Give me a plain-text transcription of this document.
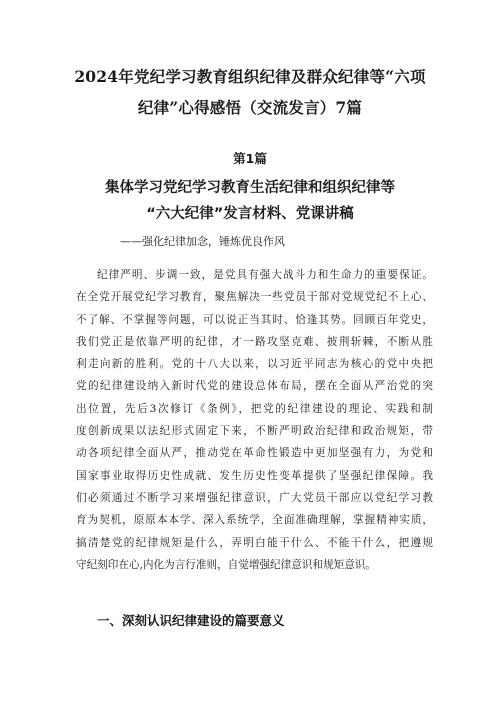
2024年党纪学习教育组织纪律及群众纪律等“六项
纪律”心得感悟（交流发言）7篇

第1篇

集体学习党纪学习教育生活纪律和组织纪律等
“六大纪律”发言材料、党课讲稿

——强化纪律加念，锤炼优良作风

纪律严明、步调一致，是党具有强大战斗力和生命力的重要保证。
在全党开展党纪学习教育，聚焦解决一些党员干部对党规党纪不上心、
不了解、不掌握等问题，可以说正当其时、恰逢其势。回顾百年党史，
我们党正是依靠严明的纪律，才一路攻坚克难、披荆斩棘，不断从胜
利走向新的胜利。党的十八大以来，以习近平同志为核心的党中央把
党的纪律建设纳入新时代党的建设总体布局，摆在全面从严治党的突
出位置，先后3次修订《条例》，把党的纪律建设的理论、实践和制
度创新成果以法纪形式固定下来，不断严明政治纪律和政治规矩，带
动各项纪律全面从严，推动党在革命性锻造中更加坚强有力，为党和
国家事业取得历史性成就、发生历史性变革提供了坚强纪律保障。我
们必须通过不断学习来增强纪律意识，广大党员干部应以党纪学习教
育为契机，原原本本学、深入系统学，全面准确理解，掌握精神实质，
搞清楚党的纪律规矩是什么，弄明白能干什么、不能干什么，把遵规
守纪刻印在心,内化为言行准则，自觉增强纪律意识和规矩意识。
一、深刻认识纪律建设的篇要意义
